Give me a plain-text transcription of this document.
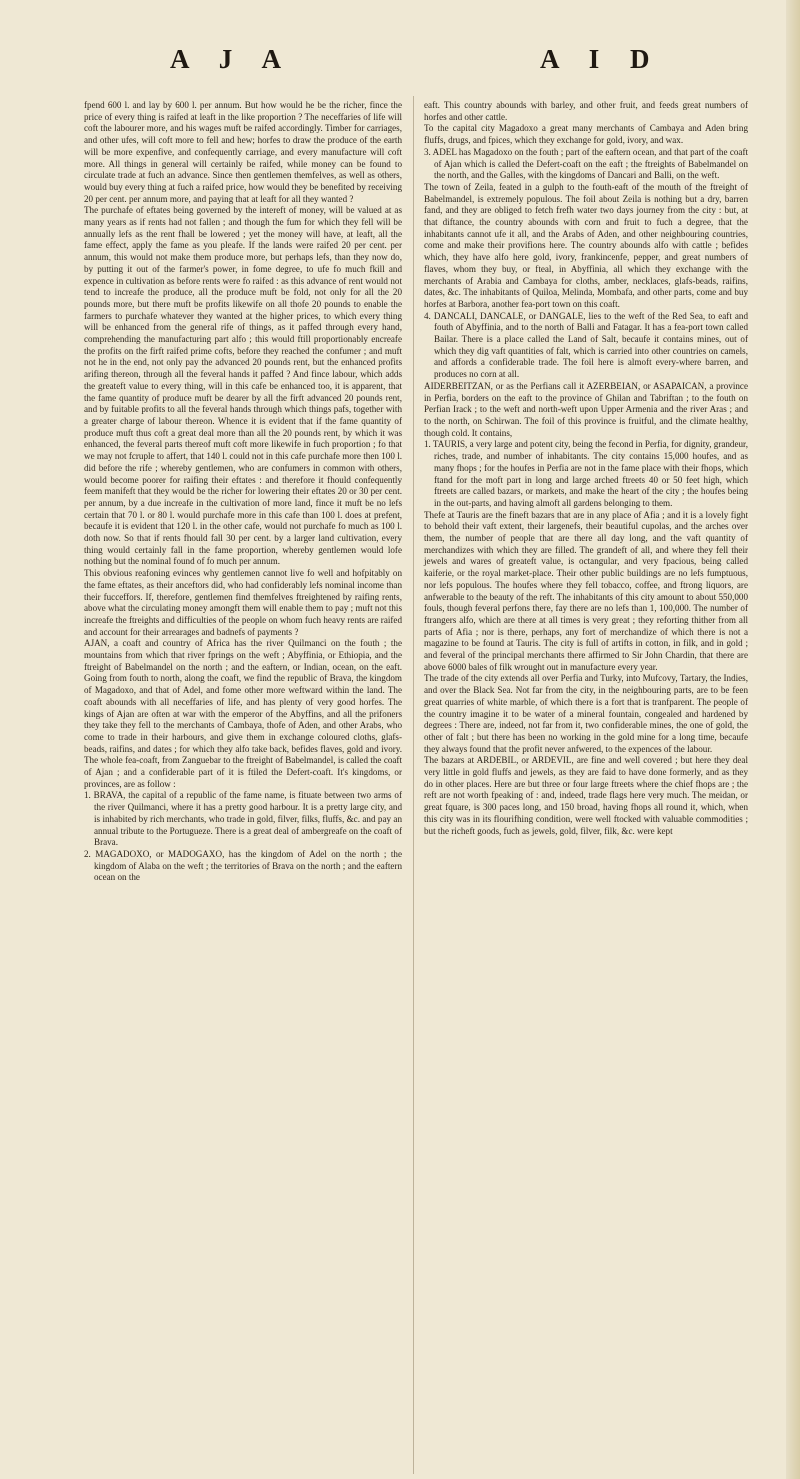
A J A	A I D

fpend 600 l. and lay by 600 l. per annum. But how would he be the richer, fince the price of every thing is raifed at leaft in the like proportion ? The neceffaries of life will coft the labourer more, and his wages muft be raifed accordingly. Timber for carriages, and other ufes, will coft more to fell and hew; horfes to draw the produce of the earth will be more expenfive, and confequently carriage, and every manufacture will coft more. All things in general will certainly be raifed, while money can be found to circulate trade at fuch an advance. Since then gentlemen themfelves, as well as others, would buy every thing at fuch a raifed price, how would they be benefited by receiving 20 per cent. per annum more, and paying that at leaft for all they wanted ?

The purchafe of eftates being governed by the intereft of money, will be valued at as many years as if rents had not fallen ; and though the fum for which they fell will be annually lefs as the rent fhall be lowered ; yet the money will have, at leaft, all the fame effect, apply the fame as you pleafe. If the lands were raifed 20 per cent. per annum, this would not make them produce more, but perhaps lefs, than they now do, by putting it out of the farmer's power, in fome degree, to ufe fo much fkill and expence in cultivation as before rents were fo raifed : as this advance of rent would not tend to increafe the produce, all the produce muft be fold, not only for all the 20 pounds more, but there muft be profits likewife on all thofe 20 pounds to enable the farmers to purchafe whatever they wanted at the higher prices, to which every thing will be enhanced from the general rife of things, as it paffed through every hand, comprehending the manufacturing part alfo ; this would ftill proportionably encreafe the profits on the firft raifed prime cofts, before they reached the confumer ; and muft not he in the end, not only pay the advanced 20 pounds rent, but the enhanced profits arifing thereon, through all the feveral hands it paffed ? And fince labour, which adds the greateft value to every thing, will in this cafe be enhanced too, it is apparent, that the fame quantity of produce muft be dearer by all the firft advanced 20 pounds rent, and by fuitable profits to all the feveral hands through which things pafs, together with a greater charge of labour thereon. Whence it is evident that if the fame quantity of produce muft thus coft a great deal more than all the 20 pounds rent, by which it was enhanced, the feveral parts thereof muft coft more likewife in fuch proportion ; fo that we may not fcruple to affert, that 140 l. could not in this cafe purchafe more then 100 l. did before the rife ; whereby gentlemen, who are confumers in common with others, would become poorer for raifing their eftates : and therefore it fhould confequently feem manifeft that they would be the richer for lowering their eftates 20 or 30 per cent. per annum, by a due increafe in the cultivation of more land, fince it muft be no lefs certain that 70 l. or 80 l. would purchafe more in this cafe than 100 l. does at prefent, becaufe it is evident that 120 l. in the other cafe, would not purchafe fo much as 100 l. doth now. So that if rents fhould fall 30 per cent. by a larger land cultivation, every thing would certainly fall in the fame proportion, whereby gentlemen would lofe nothing but the nominal found of fo much per annum.

This obvious reafoning evinces why gentlemen cannot live fo well and hofpitably on the fame eftates, as their anceftors did, who had confiderably lefs nominal income than their fucceffors. If, therefore, gentlemen find themfelves ftreightened by raifing rents, above what the circulating money amongft them will enable them to pay ; muft not this increafe the ftreights and difficulties of the people on whom fuch heavy rents are raifed and account for their arrearages and badnefs of payments ?

AJAN, a coaft and country of Africa has the river Quilmanci on the fouth ; the mountains from which that river fprings on the weft ; Abyffinia, or Ethiopia, and the ftreight of Babelmandel on the north ; and the eaftern, or Indian, ocean, on the eaft. Going from fouth to north, along the coaft, we find the republic of Brava, the kingdom of Magadoxo, and that of Adel, and fome other more weftward within the land. The coaft abounds with all neceffaries of life, and has plenty of very good horfes. The kings of Ajan are often at war with the emperor of the Abyffins, and all the prifoners they take they fell to the merchants of Cambaya, thofe of Aden, and other Arabs, who come to trade in their harbours, and give them in exchange coloured cloths, glafs-beads, raifins, and dates ; for which they alfo take back, befides flaves, gold and ivory. The whole fea-coaft, from Zanguebar to the ftreight of Babelmandel, is called the coaft of Ajan ; and a confiderable part of it is ftiled the Defert-coaft. It's kingdoms, or provinces, are as follow :

1. BRAVA, the capital of a republic of the fame name, is fituate between two arms of the river Quilmanci, where it has a pretty good harbour. It is a pretty large city, and is inhabited by rich merchants, who trade in gold, filver, filks, fluffs, &c. and pay an annual tribute to the Portugueze. There is a great deal of ambergreafe on the coaft of Brava.

2. MAGADOXO, or MADOGAXO, has the kingdom of Adel on the north ; the kingdom of Alaba on the weft ; the territories of Brava on the north ; and the eaftern ocean on the

eaft. This country abounds with barley, and other fruit, and feeds great numbers of horfes and other cattle.

To the capital city Magadoxo a great many merchants of Cambaya and Aden bring fluffs, drugs, and fpices, which they exchange for gold, ivory, and wax.

3. ADEL has Magadoxo on the fouth ; part of the eaftern ocean, and that part of the coaft of Ajan which is called the Defert-coaft on the eaft ; the ftreights of Babelmandel on the north, and the Galles, with the kingdoms of Dancari and Balli, on the weft.

The town of Zeila, feated in a gulph to the fouth-eaft of the mouth of the ftreight of Babelmandel, is extremely populous. The foil about Zeila is nothing but a dry, barren fand, and they are obliged to fetch frefh water two days journey from the city : but, at that diftance, the country abounds with corn and fruit to fuch a degree, that the inhabitants cannot ufe it all, and the Arabs of Aden, and other neighbouring countries, come and make their provifions here. The country abounds alfo with cattle ; befides which, they have alfo here gold, ivory, frankincenfe, pepper, and great numbers of flaves, whom they buy, or fteal, in Abyffinia, all which they exchange with the merchants of Arabia and Cambaya for cloths, amber, necklaces, glafs-beads, raifins, dates, &c. The inhabitants of Quiloa, Melinda, Mombafa, and other parts, come and buy horfes at Barbora, another fea-port town on this coaft.

4. DANCALI, DANCALE, or DANGALE, lies to the weft of the Red Sea, to eaft and fouth of Abyffinia, and to the north of Balli and Fatagar. It has a fea-port town called Bailar. There is a place called the Land of Salt, becaufe it contains mines, out of which they dig vaft quantities of falt, which is carried into other countries on camels, and affords a confiderable trade. The foil here is almoft every-where barren, and produces no corn at all.

AIDERBEITZAN, or as the Perfians call it AZERBEIAN, or ASAPAICAN, a province in Perfia, borders on the eaft to the province of Ghilan and Tabriftan ; to the fouth on Perfian Irack ; to the weft and north-weft upon Upper Armenia and the river Aras ; and to the north, on Schirwan. The foil of this province is fruitful, and the climate healthy, though cold. It contains,

1. TAURIS, a very large and potent city, being the fecond in Perfia, for dignity, grandeur, riches, trade, and number of inhabitants. The city contains 15,000 houfes, and as many fhops ; for the houfes in Perfia are not in the fame place with their fhops, which ftand for the moft part in long and large arched ftreets 40 or 50 feet high, which ftreets are called bazars, or markets, and make the heart of the city ; the houfes being in the out-parts, and having almoft all gardens belonging to them.

Thefe at Tauris are the fineft bazars that are in any place of Afia ; and it is a lovely fight to behold their vaft extent, their largenefs, their beautiful cupolas, and the arches over them, the number of people that are there all day long, and the vaft quantity of merchandizes with which they are filled. The grandeft of all, and where they fell their jewels and wares of greateft value, is octangular, and very fpacious, being called kaiferie, or the royal market-place. Their other public buildings are no lefs fumptuous, nor lefs populous. The houfes where they fell tobacco, coffee, and ftrong liquors, are anfwerable to the beauty of the reft. The inhabitants of this city amount to about 550,000 fouls, though feveral perfons there, fay there are no lefs than 1, 100,000. The number of ftrangers alfo, which are there at all times is very great ; they reforting thither from all parts of Afia ; nor is there, perhaps, any fort of merchandize of which there is not a magazine to be found at Tauris. The city is full of artifts in cotton, in filk, and in gold ; and feveral of the principal merchants there affirmed to Sir John Chardin, that there are above 6000 bales of filk wrought out in manufacture every year.

The trade of the city extends all over Perfia and Turky, into Mufcovy, Tartary, the Indies, and over the Black Sea. Not far from the city, in the neighbouring parts, are to be feen great quarries of white marble, of which there is a fort that is tranfparent. The people of the country imagine it to be water of a mineral fountain, congealed and hardened by degrees : There are, indeed, not far from it, two confiderable mines, the one of gold, the other of falt ; but there has been no working in the gold mine for a long time, becaufe they always found that the profit never anfwered, to the expences of the labour.

The bazars at ARDEBIL, or ARDEVIL, are fine and well covered ; but here they deal very little in gold fluffs and jewels, as they are faid to have done formerly, and as they do in other places. Here are but three or four large ftreets where the chief fhops are ; the reft are not worth fpeaking of : and, indeed, trade flags here very much. The meidan, or great fquare, is 300 paces long, and 150 broad, having fhops all round it, which, when this city was in its flourifhing condition, were well ftocked with valuable commodities ; but the richeft goods, fuch as jewels, gold, filver, filk, &c. were kept
